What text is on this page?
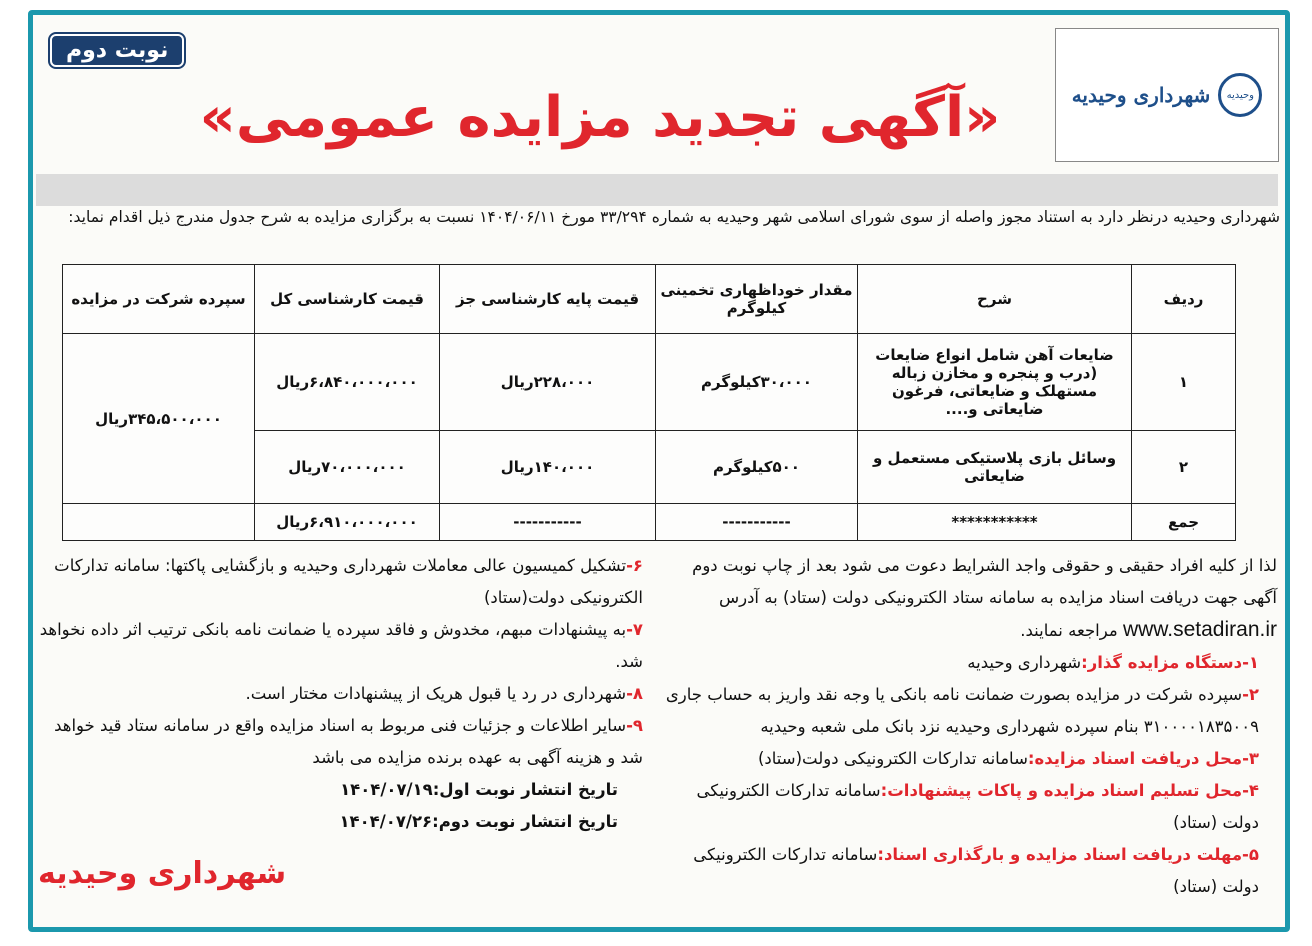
شهرداری وحیدیه	وحیدیه
نوبت دوم
«آگهی تجدید مزایده عمومی»
شهرداری وحیدیه درنظر دارد به استناد مجوز واصله از سوی شورای اسلامی شهر وحیدیه به شماره ۳۳/۲۹۴ مورخ ۱۴۰۴/۰۶/۱۱ نسبت به برگزاری مزایده به شرح جدول مندرج ذیل اقدام نماید:
ردیف	شرح	مقدار خوداظهاری تخمینی کیلوگرم	قیمت پایه کارشناسی جز	قیمت کارشناسی کل	سپرده شرکت در مزایده
۱	ضایعات آهن شامل انواع ضایعات (درب و پنجره و مخازن زباله مستهلک و ضایعاتی، فرغون ضایعاتی و....	۳۰،۰۰۰کیلوگرم	۲۲۸،۰۰۰ریال	۶،۸۴۰،۰۰۰،۰۰۰ریال	۳۴۵،۵۰۰،۰۰۰ریال
۲	وسائل بازی پلاستیکی مستعمل و ضایعاتی	۵۰۰کیلوگرم	۱۴۰،۰۰۰ریال	۷۰،۰۰۰،۰۰۰ریال	
جمع	***********	-----------	-----------	۶،۹۱۰،۰۰۰،۰۰۰ریال	

لذا از کلیه افراد حقیقی و حقوقی واجد الشرایط دعوت می شود بعد از چاپ نوبت دوم آگهی جهت دریافت اسناد مزایده به سامانه ستاد الکترونیکی دولت (ستاد) به آدرس www.setadiran.ir مراجعه نمایند.

۱-دستگاه مزایده گذار:شهرداری وحیدیه

۲-سپرده شرکت در مزایده بصورت ضمانت نامه بانکی یا وجه نقد واریز به حساب جاری ۳۱۰۰۰۰۱۸۳۵۰۰۹ بنام سپرده شهرداری وحیدیه نزد بانک ملی شعبه وحیدیه

۳-محل دریافت اسناد مزایده:سامانه تدارکات الکترونیکی دولت(ستاد)

۴-محل تسلیم اسناد مزایده و پاکات پیشنهادات:سامانه تدارکات الکترونیکی دولت (ستاد)

۵-مهلت دریافت اسناد مزایده و بارگذاری اسناد:سامانه تدارکات الکترونیکی دولت (ستاد)

۶-تشکیل کمیسیون عالی معاملات شهرداری وحیدیه و بازگشایی پاکتها: سامانه تدارکات الکترونیکی دولت(ستاد)

۷-به پیشنهادات مبهم، مخدوش و فاقد سپرده یا ضمانت نامه بانکی ترتیب اثر داده نخواهد شد.

۸-شهرداری در رد یا قبول هریک از پیشنهادات مختار است.

۹-سایر اطلاعات و جزئیات فنی مربوط به اسناد مزایده واقع در سامانه ستاد قید خواهد شد و هزینه آگهی به عهده برنده مزایده می باشد

تاریخ انتشار نوبت اول:۱۴۰۴/۰۷/۱۹

تاریخ انتشار نوبت دوم:۱۴۰۴/۰۷/۲۶

شهرداری وحیدیه
